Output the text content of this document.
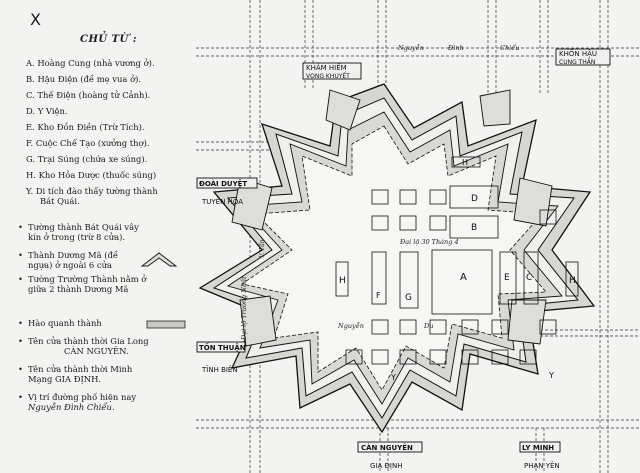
X
CHỦ TỪ :
A. Hoàng Cung (nhà vương ở).
B. Hậu Điện (đề mẹ vua ở).
C. Thế Điện (hoàng tử Cảnh).
D. Y Viện.
E. Kho Đồn Điền (Trừ Tích).
F. Cuộc Chế Tạo (xưởng thợ).
G. Trại Súng (chứa xe súng).
H. Kho Hỏa Dược (thuốc súng)
Y. Di tích đào thấy tường thành
Bát Quái.
• Tường thành Bát Quái vây
kín ở trong (trừ 8 cửa).
• Thành Dương Mã (đề
ngựa) ở ngoài 6 cửa
• Tường Trường Thành nằm ở
giữa 2 thành Dương Mã
• Hào quanh thành
• Tên cửa thành thời Gia Long
CÀN NGUYÊN.
• Tên cửa thành thời Minh
Mạng GIA ĐỊNH.
• Vị trí đường phố hiện nay
Nguyễn Đình Chiểu.
KHẢM HIỂM
VỌNG KHUYẾT
KHÔN HẬU
CUNG THẦN
ĐOÀI DUYỆT
TUYÊN HÓA
TỐN THUẬN
TĨNH BIÊN
CÀN NGUYÊN
GIA ĐỊNH
LY MINH
PHAN YÊN
Đại lộ Trường Nhất
Đại lộ 30 Tháng 4
Nguyễn	Đình	Chiểu
Nguyễn	Du
V. Tần
A
B
C
D
E
F	G
H	H
H
Y	Y
